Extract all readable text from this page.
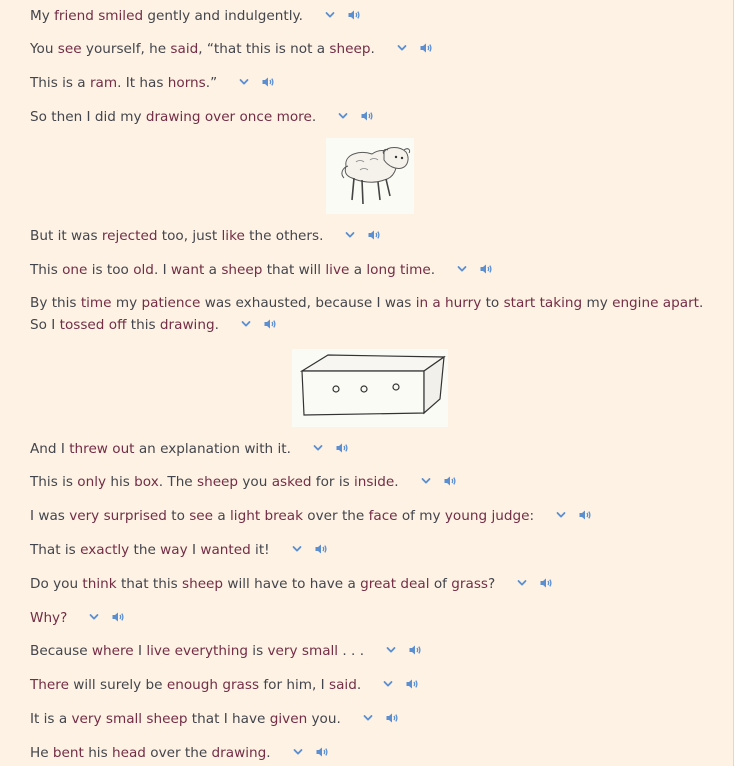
My friend smiled gently and indulgently.
You see yourself, he said, “that this is not a sheep.
This is a ram. It has horns.”
So then I did my drawing over once more.
But it was rejected too, just like the others.
This one is too old. I want a sheep that will live a long time.
By this time my patience was exhausted, because I was in a hurry to start taking my engine apart. So I tossed off this drawing.
And I threw out an explanation with it.
This is only his box. The sheep you asked for is inside.
I was very surprised to see a light break over the face of my young judge:
That is exactly the way I wanted it!
Do you think that this sheep will have to have a great deal of grass?
Why?
Because where I live everything is very small . . .
There will surely be enough grass for him, I said.
It is a very small sheep that I have given you.
He bent his head over the drawing.
